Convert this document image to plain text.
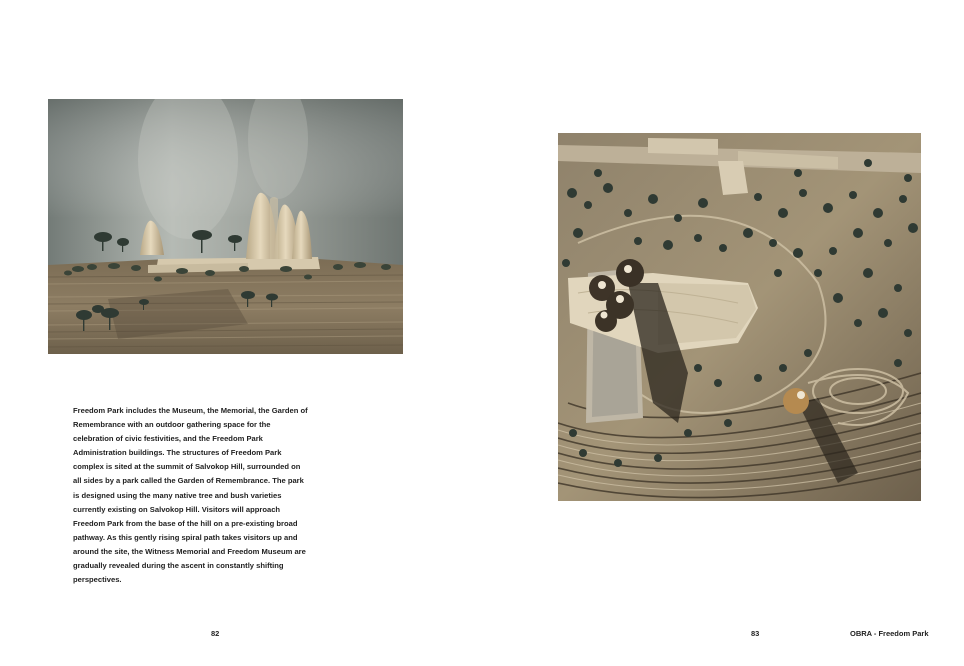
Freedom Park includes the Museum, the Memorial, the Garden of Remembrance with an outdoor gathering space for the celebration of civic festivities, and the Freedom Park Administration buildings. The structures of Freedom Park complex is sited at the summit of Salvokop Hill, surrounded on all sides by a park called the Garden of Remembrance. The park is designed using the many native tree and bush varieties currently existing on Salvokop Hill. Visitors will approach Freedom Park from the base of the hill on a pre-existing broad pathway. As this gently rising spiral path takes visitors up and around the site, the Witness Memorial and Freedom Museum are gradually revealed during the ascent in constantly shifting perspectives.

82	83	OBRA - Freedom Park
